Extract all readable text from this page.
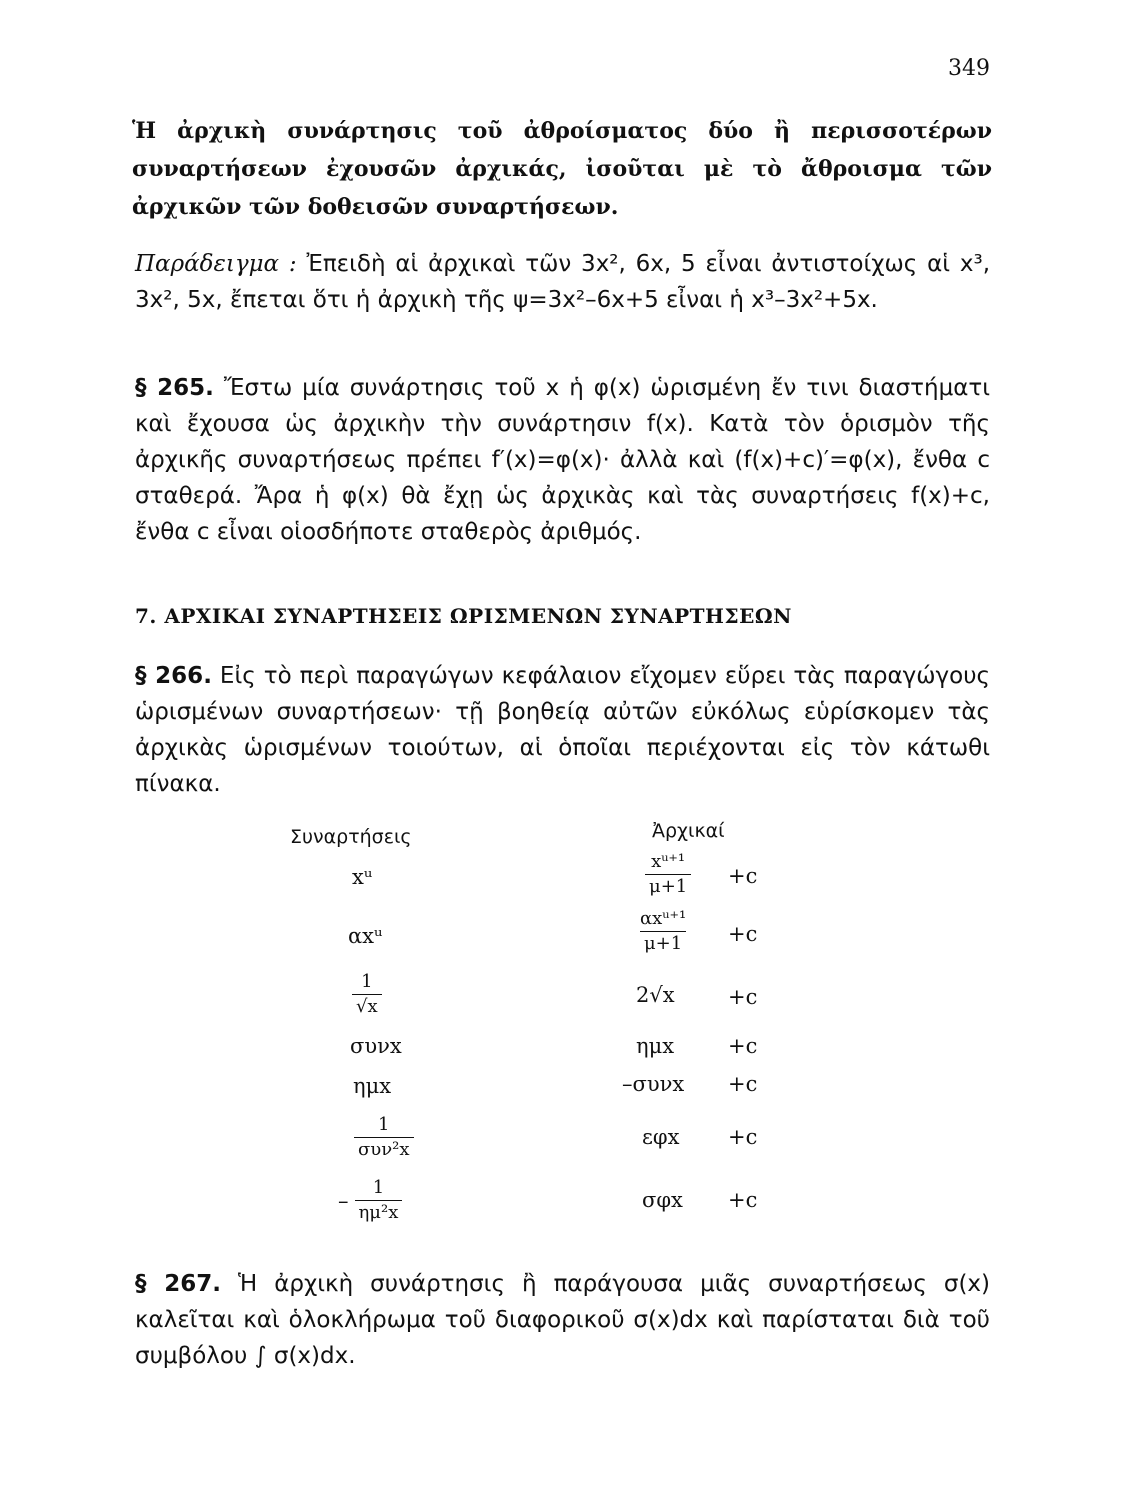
349
Ἡ ἀρχικὴ συνάρτησις τοῦ ἀθροίσματος δύο ἢ περισσοτέρων συναρτήσεων ἐχουσῶν ἀρχικάς, ἰσοῦται μὲ τὸ ἄθροισμα τῶν ἀρχικῶν τῶν δοθεισῶν συναρτήσεων.
Παράδειγμα : Ἐπειδὴ αἱ ἀρχικαὶ τῶν 3x², 6x, 5 εἶναι ἀντιστοίχως αἱ x³, 3x², 5x, ἔπεται ὅτι ἡ ἀρχικὴ τῆς ψ=3x²–6x+5 εἶναι ἡ x³–3x²+5x.
§ 265. Ἔστω μία συνάρτησις τοῦ x ἡ φ(x) ὡρισμένη ἔν τινι διαστήματι καὶ ἔχουσα ὡς ἀρχικὴν τὴν συνάρτησιν f(x). Κατὰ τὸν ὁρισμὸν τῆς ἀρχικῆς συναρτήσεως πρέπει f′(x)=φ(x)· ἀλλὰ καὶ (f(x)+c)′=φ(x), ἔνθα c σταθερά. Ἄρα ἡ φ(x) θὰ ἔχῃ ὡς ἀρχικὰς καὶ τὰς συναρτήσεις f(x)+c, ἔνθα c εἶναι οἱοσδήποτε σταθερὸς ἀριθμός.
7. ΑΡΧΙΚΑΙ ΣΥΝΑΡΤΗΣΕΙΣ ΩΡΙΣΜΕΝΩΝ ΣΥΝΑΡΤΗΣΕΩΝ
§ 266. Εἰς τὸ περὶ παραγώγων κεφάλαιον εἴχομεν εὕρει τὰς παραγώγους ὡρισμένων συναρτήσεων· τῇ βοηθείᾳ αὐτῶν εὐκόλως εὑρίσκομεν τὰς ἀρχικὰς ὡρισμένων τοιούτων, αἱ ὁποῖαι περιέχονται εἰς τὸν κάτωθι πίνακα.
Συναρτήσεις	Ἀρχικαί
xᵘ	$\frac{\text{xᵘ⁺¹}}{\mu+1} +c$
αxᵘ	$\frac{\text{αxᵘ⁺¹}}{\mu+1} +c$
$\frac{1}{√x}$	2√x	+c
συνx	ημx	+c
ημx	–συνx +c
$\frac{1}{\text{συν²x}}$	εφx +c
– $\frac{1}{\text{ημ²x}}$	σφx +c
§ 267. Ἡ ἀρχικὴ συνάρτησις ἢ παράγουσα μιᾶς συναρτήσεως σ(x) καλεῖται καὶ ὁλοκλήρωμα τοῦ διαφορικοῦ σ(x)dx καὶ παρίσταται διὰ τοῦ συμβόλου ∫ σ(x)dx.
